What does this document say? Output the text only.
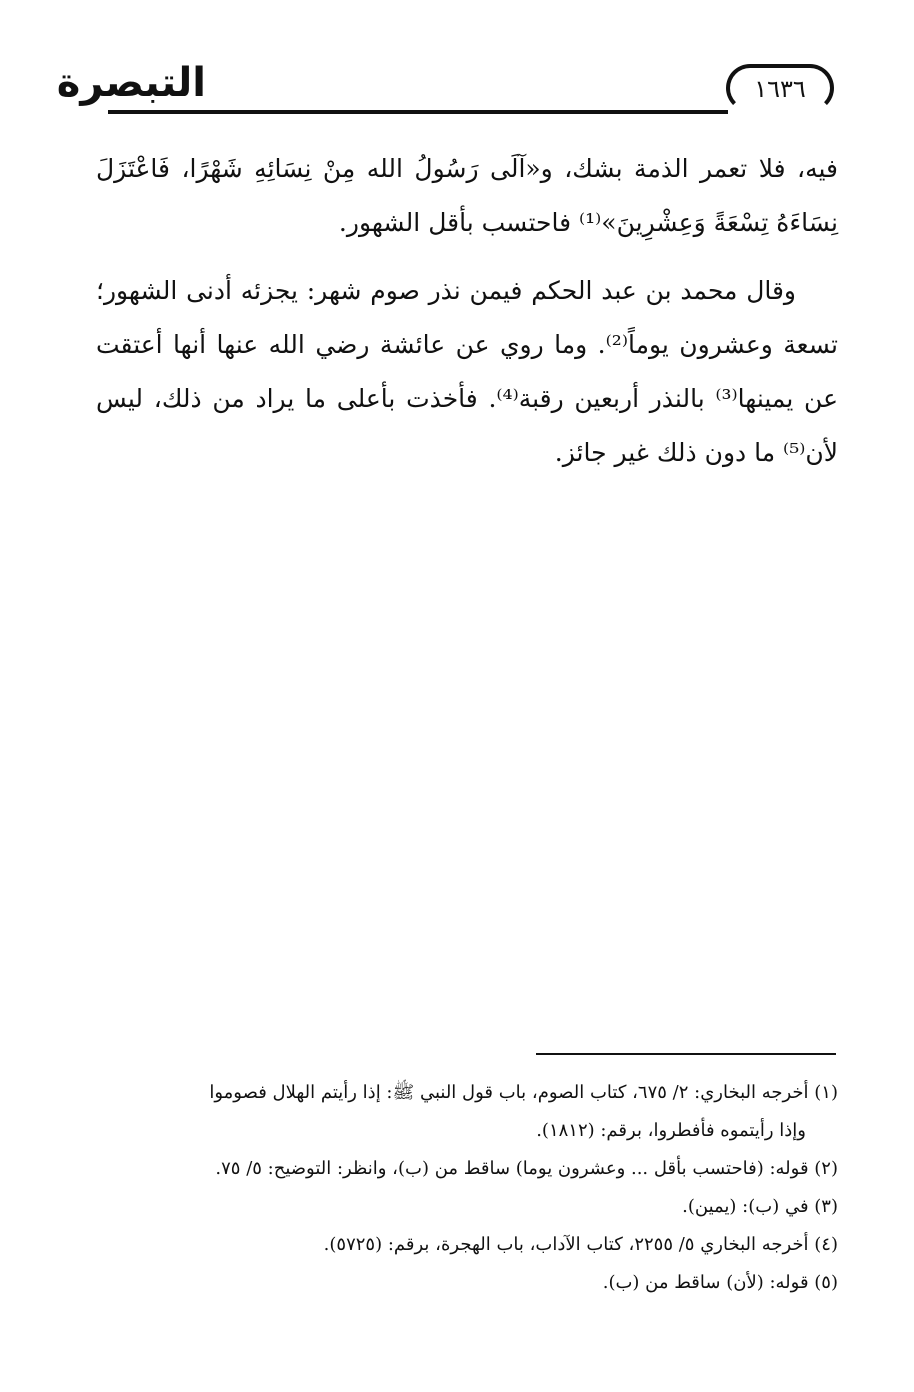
التبصرة	١٦٣٦

فيه، فلا تعمر الذمة بشك، و«آلَى رَسُولُ الله مِنْ نِسَائِهِ شَهْرًا، فَاعْتَزَلَ نِسَاءَهُ تِسْعَةً وَعِشْرِينَ»⁽¹⁾ فاحتسب بأقل الشهور.

وقال محمد بن عبد الحكم فيمن نذر صوم شهر: يجزئه أدنى الشهور؛ تسعة وعشرون يوماً⁽²⁾. وما روي عن عائشة رضي الله عنها أنها أعتقت عن يمينها⁽³⁾ بالنذر أربعين رقبة⁽⁴⁾. فأخذت بأعلى ما يراد من ذلك، ليس لأن⁽⁵⁾ ما دون ذلك غير جائز.

(١) أخرجه البخاري: ٢/ ٦٧٥، كتاب الصوم، باب قول النبي ﷺ: إذا رأيتم الهلال فصوموا
وإذا رأيتموه فأفطروا، برقم: (١٨١٢).

(٢) قوله: (فاحتسب بأقل ... وعشرون يوما) ساقط من (ب)، وانظر: التوضيح: ٥/ ٧٥.

(٣) في (ب): (يمين).

(٤) أخرجه البخاري ٥/ ٢٢٥٥، كتاب الآداب، باب الهجرة، برقم: (٥٧٢٥).

(٥) قوله: (لأن) ساقط من (ب).
